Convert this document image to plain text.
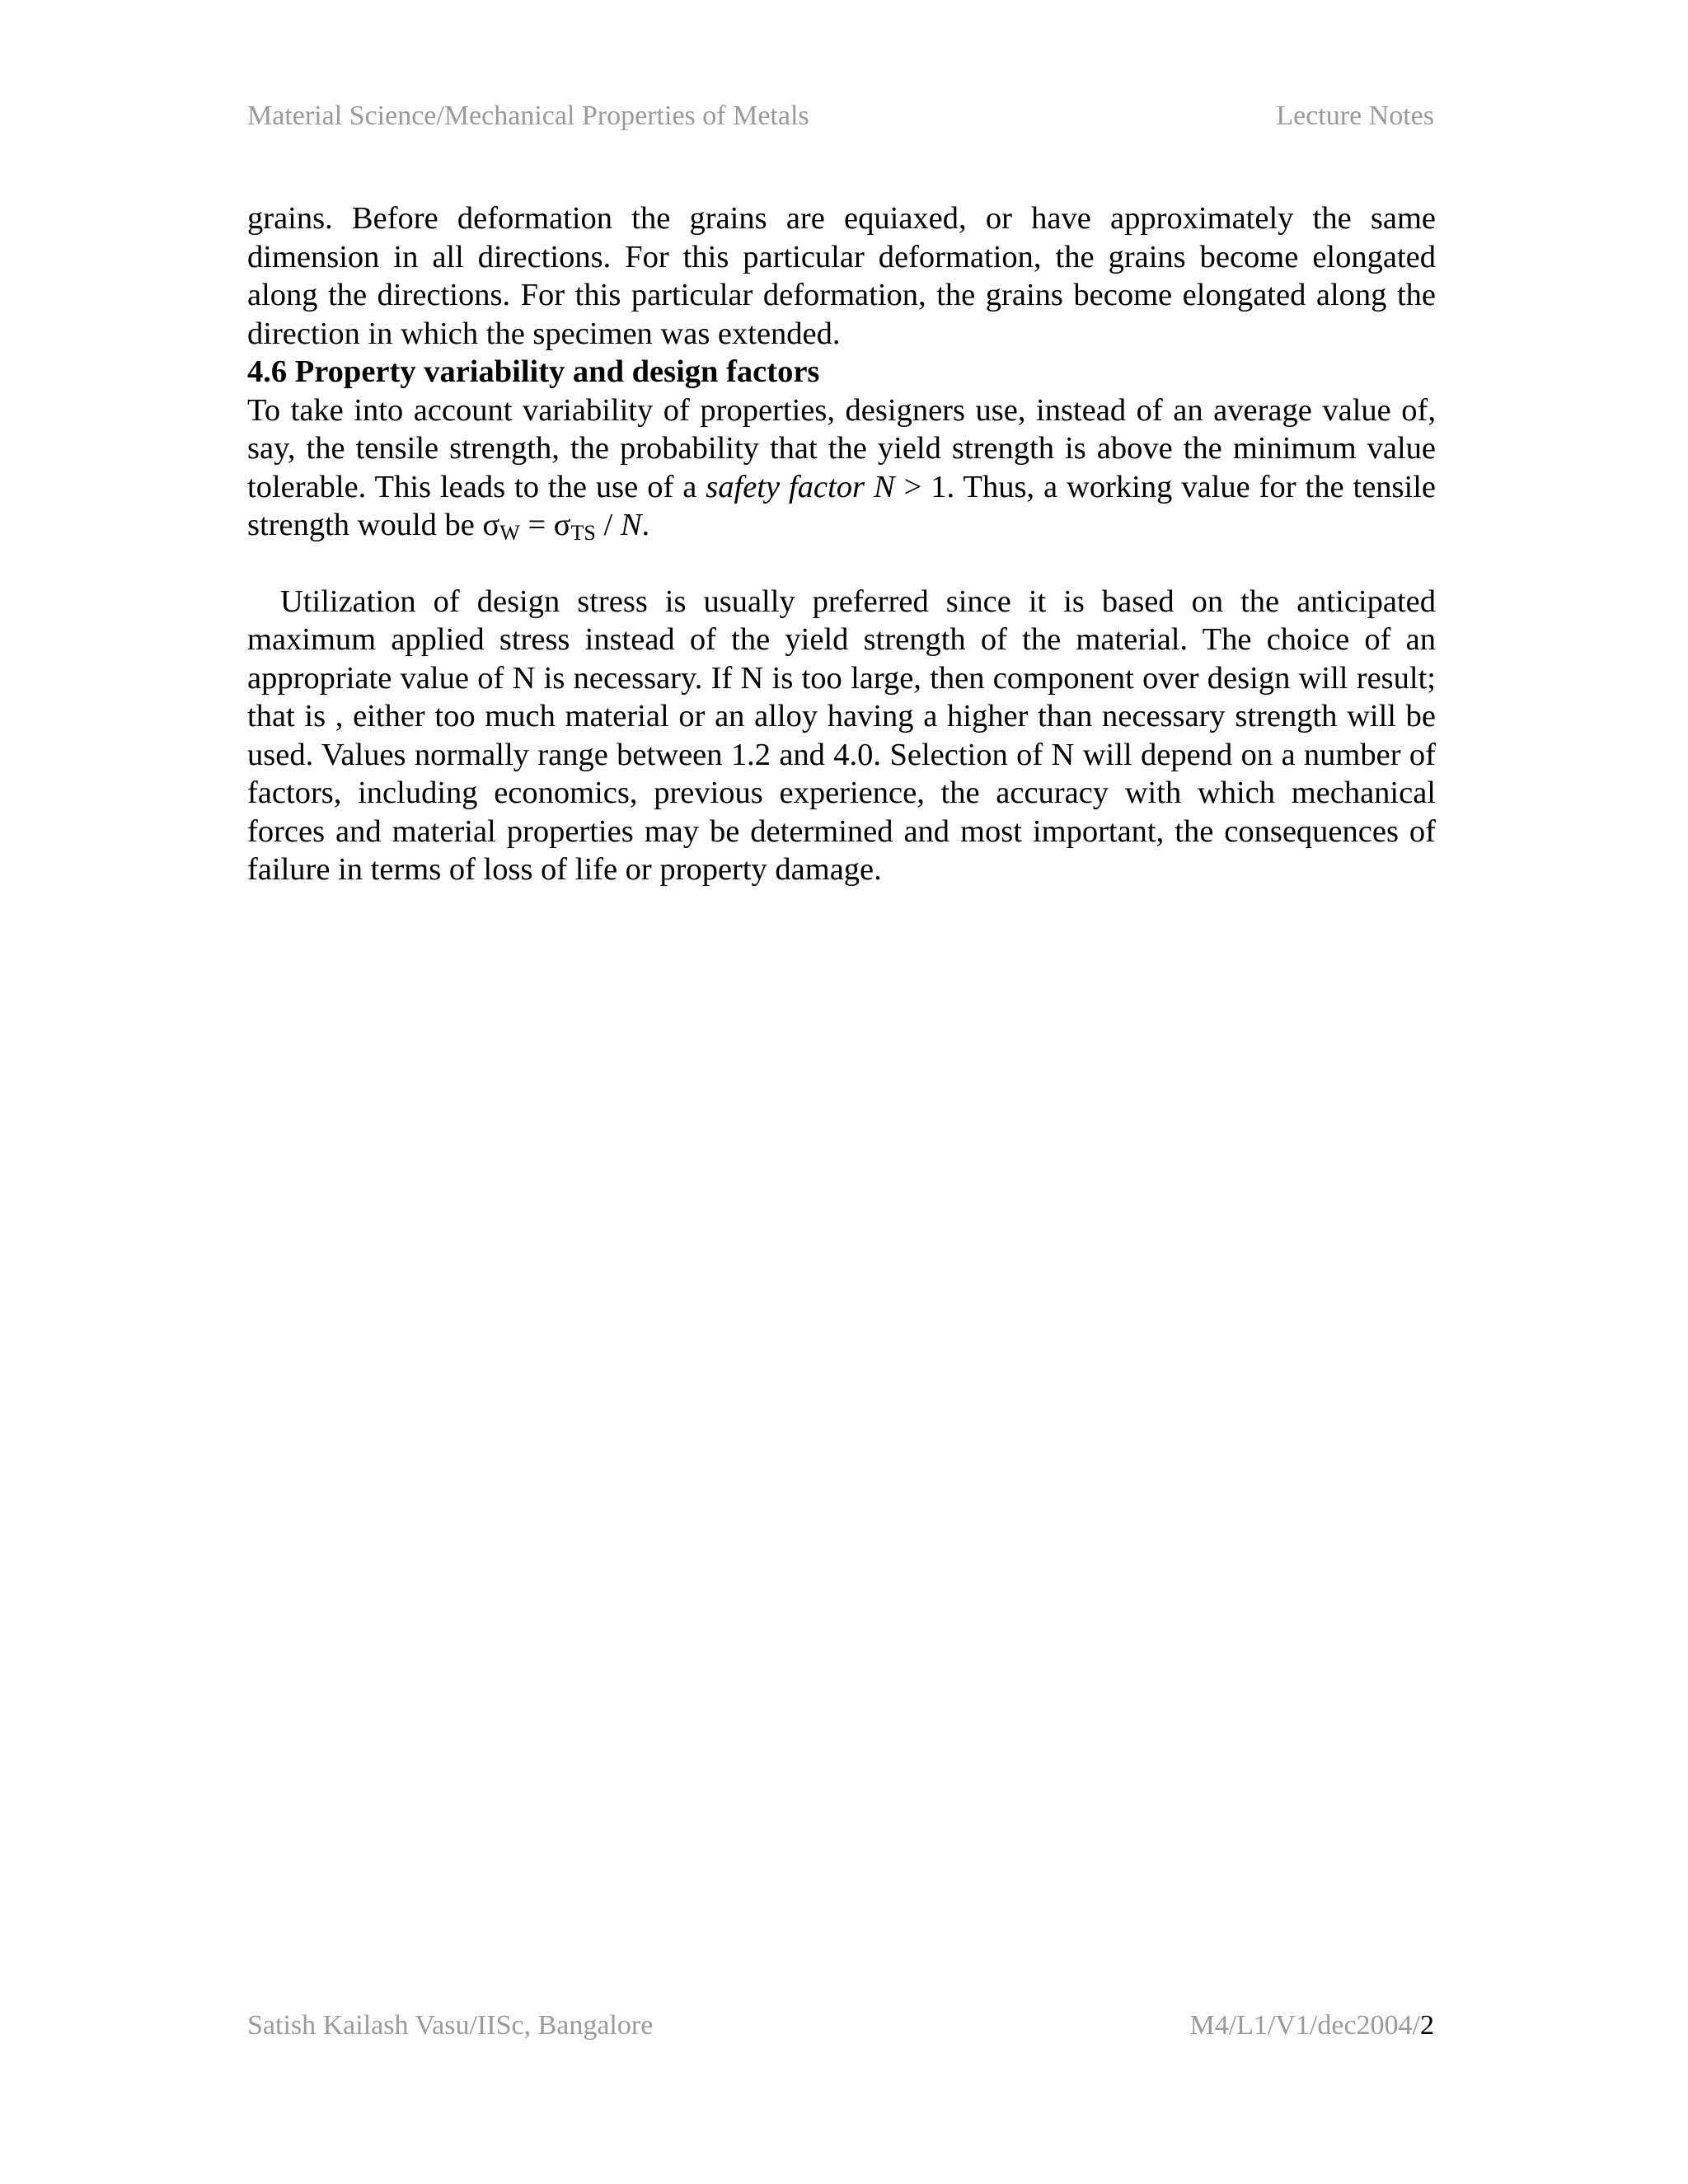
Material Science/Mechanical Properties of Metals	Lecture Notes

grains. Before deformation the grains are equiaxed, or have approximately the same dimension in all directions. For this particular deformation, the grains become elongated along the directions. For this particular deformation, the grains become elongated along the direction in which the specimen was extended.

4.6 Property variability and design factors

To take into account variability of properties, designers use, instead of an average value of, say, the tensile strength, the probability that the yield strength is above the minimum value tolerable. This leads to the use of a safety factor N > 1. Thus, a working value for the tensile strength would be $\sigma_W = \sigma_{TS} / N$.

Utilization of design stress is usually preferred since it is based on the anticipated maximum applied stress instead of the yield strength of the material. The choice of an appropriate value of N is necessary. If N is too large, then component over design will result; that is , either too much material or an alloy having a higher than necessary strength will be used. Values normally range between 1.2 and 4.0. Selection of N will depend on a number of factors, including economics, previous experience, the accuracy with which mechanical forces and material properties may be determined and most important, the consequences of failure in terms of loss of life or property damage.

Satish Kailash Vasu/IISc, Bangalore	M4/L1/V1/dec2004/2
